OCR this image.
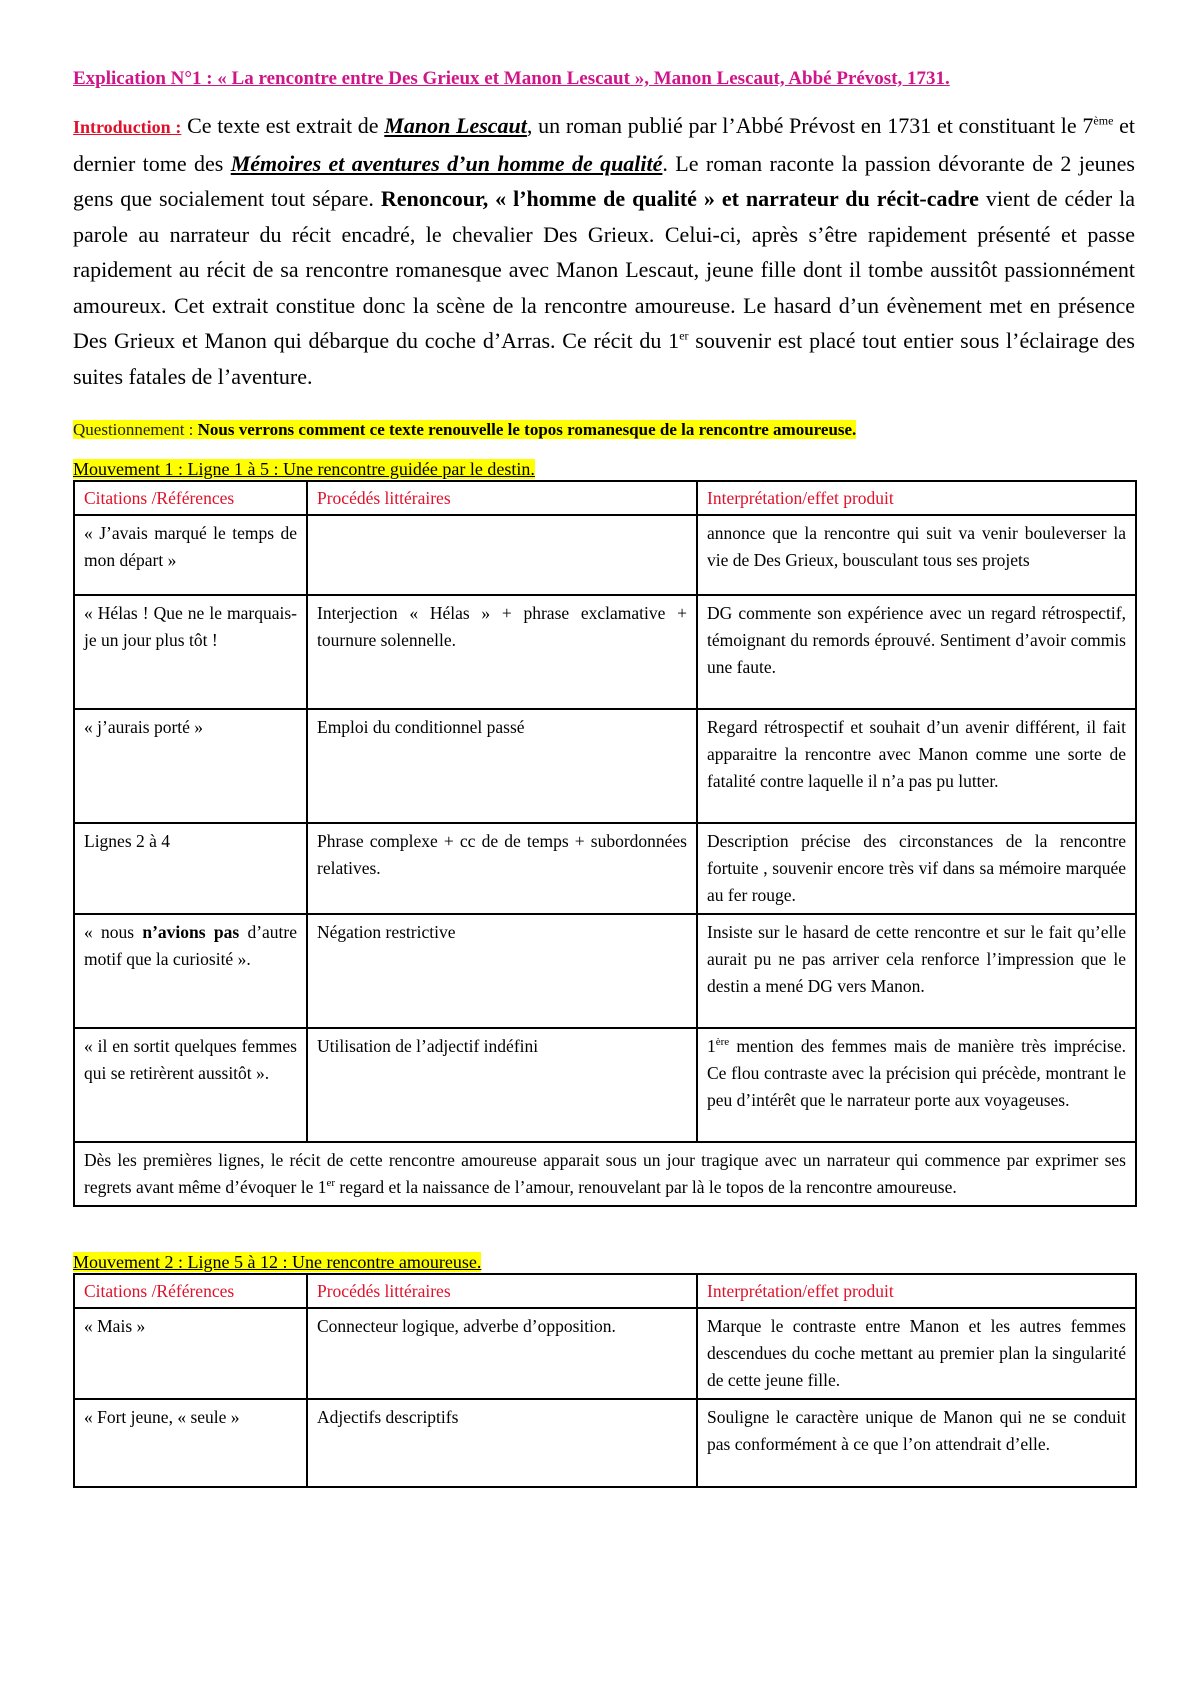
Explication N°1 : « La rencontre entre Des Grieux et Manon Lescaut », Manon Lescaut, Abbé Prévost, 1731.

Introduction : Ce texte est extrait de Manon Lescaut, un roman publié par l’Abbé Prévost en 1731 et constituant le 7ème et dernier tome des Mémoires et aventures d’un homme de qualité. Le roman raconte la passion dévorante de 2 jeunes gens que socialement tout sépare. Renoncour, « l’homme de qualité » et narrateur du récit-cadre vient de céder la parole au narrateur du récit encadré, le chevalier Des Grieux. Celui-ci, après s’être rapidement présenté et passe rapidement au récit de sa rencontre romanesque avec Manon Lescaut, jeune fille dont il tombe aussitôt passionnément amoureux. Cet extrait constitue donc la scène de la rencontre amoureuse. Le hasard d’un évènement met en présence Des Grieux et Manon qui débarque du coche d’Arras. Ce récit du 1er souvenir est placé tout entier sous l’éclairage des suites fatales de l’aventure.

Questionnement : Nous verrons comment ce texte renouvelle le topos romanesque de la rencontre amoureuse.
Mouvement 1 : Ligne 1 à 5 : Une rencontre guidée par le destin.
Citations /Références	Procédés littéraires	Interprétation/effet produit
« J’avais marqué le temps de mon départ »		annonce que la rencontre qui suit va venir bouleverser la vie de Des Grieux, bousculant tous ses projets
« Hélas ! Que ne le marquais-je un jour plus tôt !	Interjection « Hélas » + phrase exclamative + tournure solennelle.	DG commente son expérience avec un regard rétrospectif, témoignant du remords éprouvé. Sentiment d’avoir commis une faute.
« j’aurais porté »	Emploi du conditionnel passé	Regard rétrospectif et souhait d’un avenir différent, il fait apparaitre la rencontre avec Manon comme une sorte de fatalité contre laquelle il n’a pas pu lutter.
Lignes 2 à 4	Phrase complexe + cc de de temps + subordonnées relatives.	Description précise des circonstances de la rencontre fortuite , souvenir encore très vif dans sa mémoire marquée au fer rouge.
« nous n’avions pas d’autre motif que la curiosité ».	Négation restrictive	Insiste sur le hasard de cette rencontre et sur le fait qu’elle aurait pu ne pas arriver cela renforce l’impression que le destin a mené DG vers Manon.
« il en sortit quelques femmes qui se retirèrent aussitôt ».	Utilisation de l’adjectif indéfini	1ère mention des femmes mais de manière très imprécise. Ce flou contraste avec la précision qui précède, montrant le peu d’intérêt que le narrateur porte aux voyageuses.
Dès les premières lignes, le récit de cette rencontre amoureuse apparait sous un jour tragique avec un narrateur qui commence par exprimer ses regrets avant même d’évoquer le 1er regard et la naissance de l’amour, renouvelant par là le topos de la rencontre amoureuse.		
Mouvement 2 : Ligne 5 à 12 : Une rencontre amoureuse.
Citations /Références	Procédés littéraires	Interprétation/effet produit
« Mais »	Connecteur logique, adverbe d’opposition.	Marque le contraste entre Manon et les autres femmes descendues du coche mettant au premier plan la singularité de cette jeune fille.
« Fort jeune, « seule »	Adjectifs descriptifs	Souligne le caractère unique de Manon qui ne se conduit pas conformément à ce que l’on attendrait d’elle.
